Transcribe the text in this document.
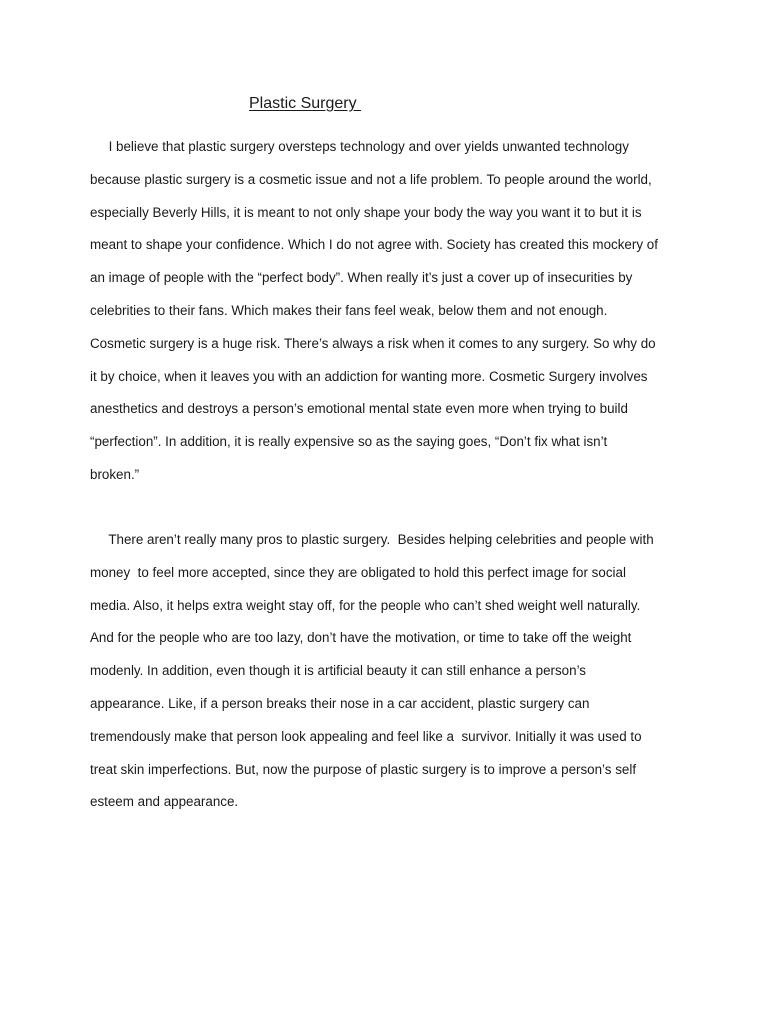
Plastic Surgery
I believe that plastic surgery oversteps technology and over yields unwanted technology
because plastic surgery is a cosmetic issue and not a life problem. To people around the world,
especially Beverly Hills, it is meant to not only shape your body the way you want it to but it is
meant to shape your confidence. Which I do not agree with. Society has created this mockery of
an image of people with the “perfect body”. When really it’s just a cover up of insecurities by
celebrities to their fans. Which makes their fans feel weak, below them and not enough.
Cosmetic surgery is a huge risk. There’s always a risk when it comes to any surgery. So why do
it by choice, when it leaves you with an addiction for wanting more. Cosmetic Surgery involves
anesthetics and destroys a person’s emotional mental state even more when trying to build
“perfection”. In addition, it is really expensive so as the saying goes, “Don’t fix what isn’t
broken.”
There aren’t really many pros to plastic surgery.  Besides helping celebrities and people with
money  to feel more accepted, since they are obligated to hold this perfect image for social
media. Also, it helps extra weight stay off, for the people who can’t shed weight well naturally.
And for the people who are too lazy, don’t have the motivation, or time to take off the weight
modenly. In addition, even though it is artificial beauty it can still enhance a person’s
appearance. Like, if a person breaks their nose in a car accident, plastic surgery can
tremendously make that person look appealing and feel like a  survivor. Initially it was used to
treat skin imperfections. But, now the purpose of plastic surgery is to improve a person’s self
esteem and appearance.
